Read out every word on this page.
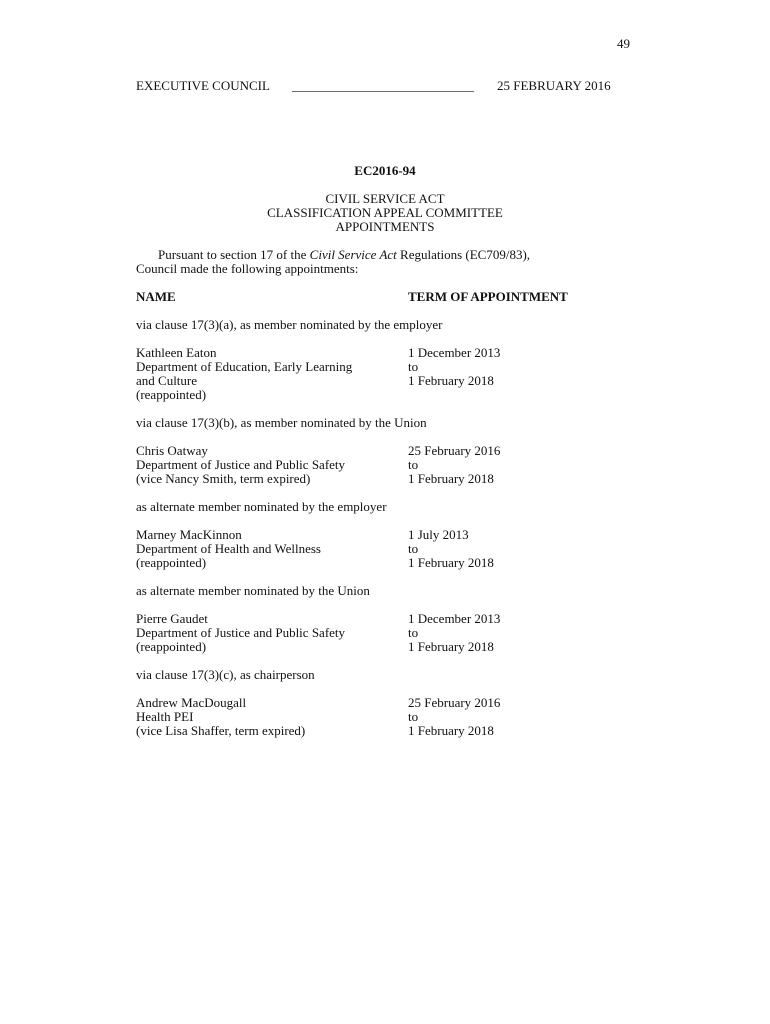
49
EXECUTIVE COUNCIL ____________________________ 25 FEBRUARY 2016
EC2016-94
CIVIL SERVICE ACT
CLASSIFICATION APPEAL COMMITTEE
APPOINTMENTS
Pursuant to section 17 of the Civil Service Act Regulations (EC709/83),
Council made the following appointments:
NAME	TERM OF APPOINTMENT
via clause 17(3)(a), as member nominated by the employer
Kathleen Eaton
Department of Education, Early Learning
and Culture
(reappointed)
1 December 2013
to
1 February 2018
via clause 17(3)(b), as member nominated by the Union
Chris Oatway
Department of Justice and Public Safety
(vice Nancy Smith, term expired)
25 February 2016
to
1 February 2018
as alternate member nominated by the employer
Marney MacKinnon
Department of Health and Wellness
(reappointed)
1 July 2013
to
1 February 2018
as alternate member nominated by the Union
Pierre Gaudet
Department of Justice and Public Safety
(reappointed)
1 December 2013
to
1 February 2018
via clause 17(3)(c), as chairperson
Andrew MacDougall
Health PEI
(vice Lisa Shaffer, term expired)
25 February 2016
to
1 February 2018
